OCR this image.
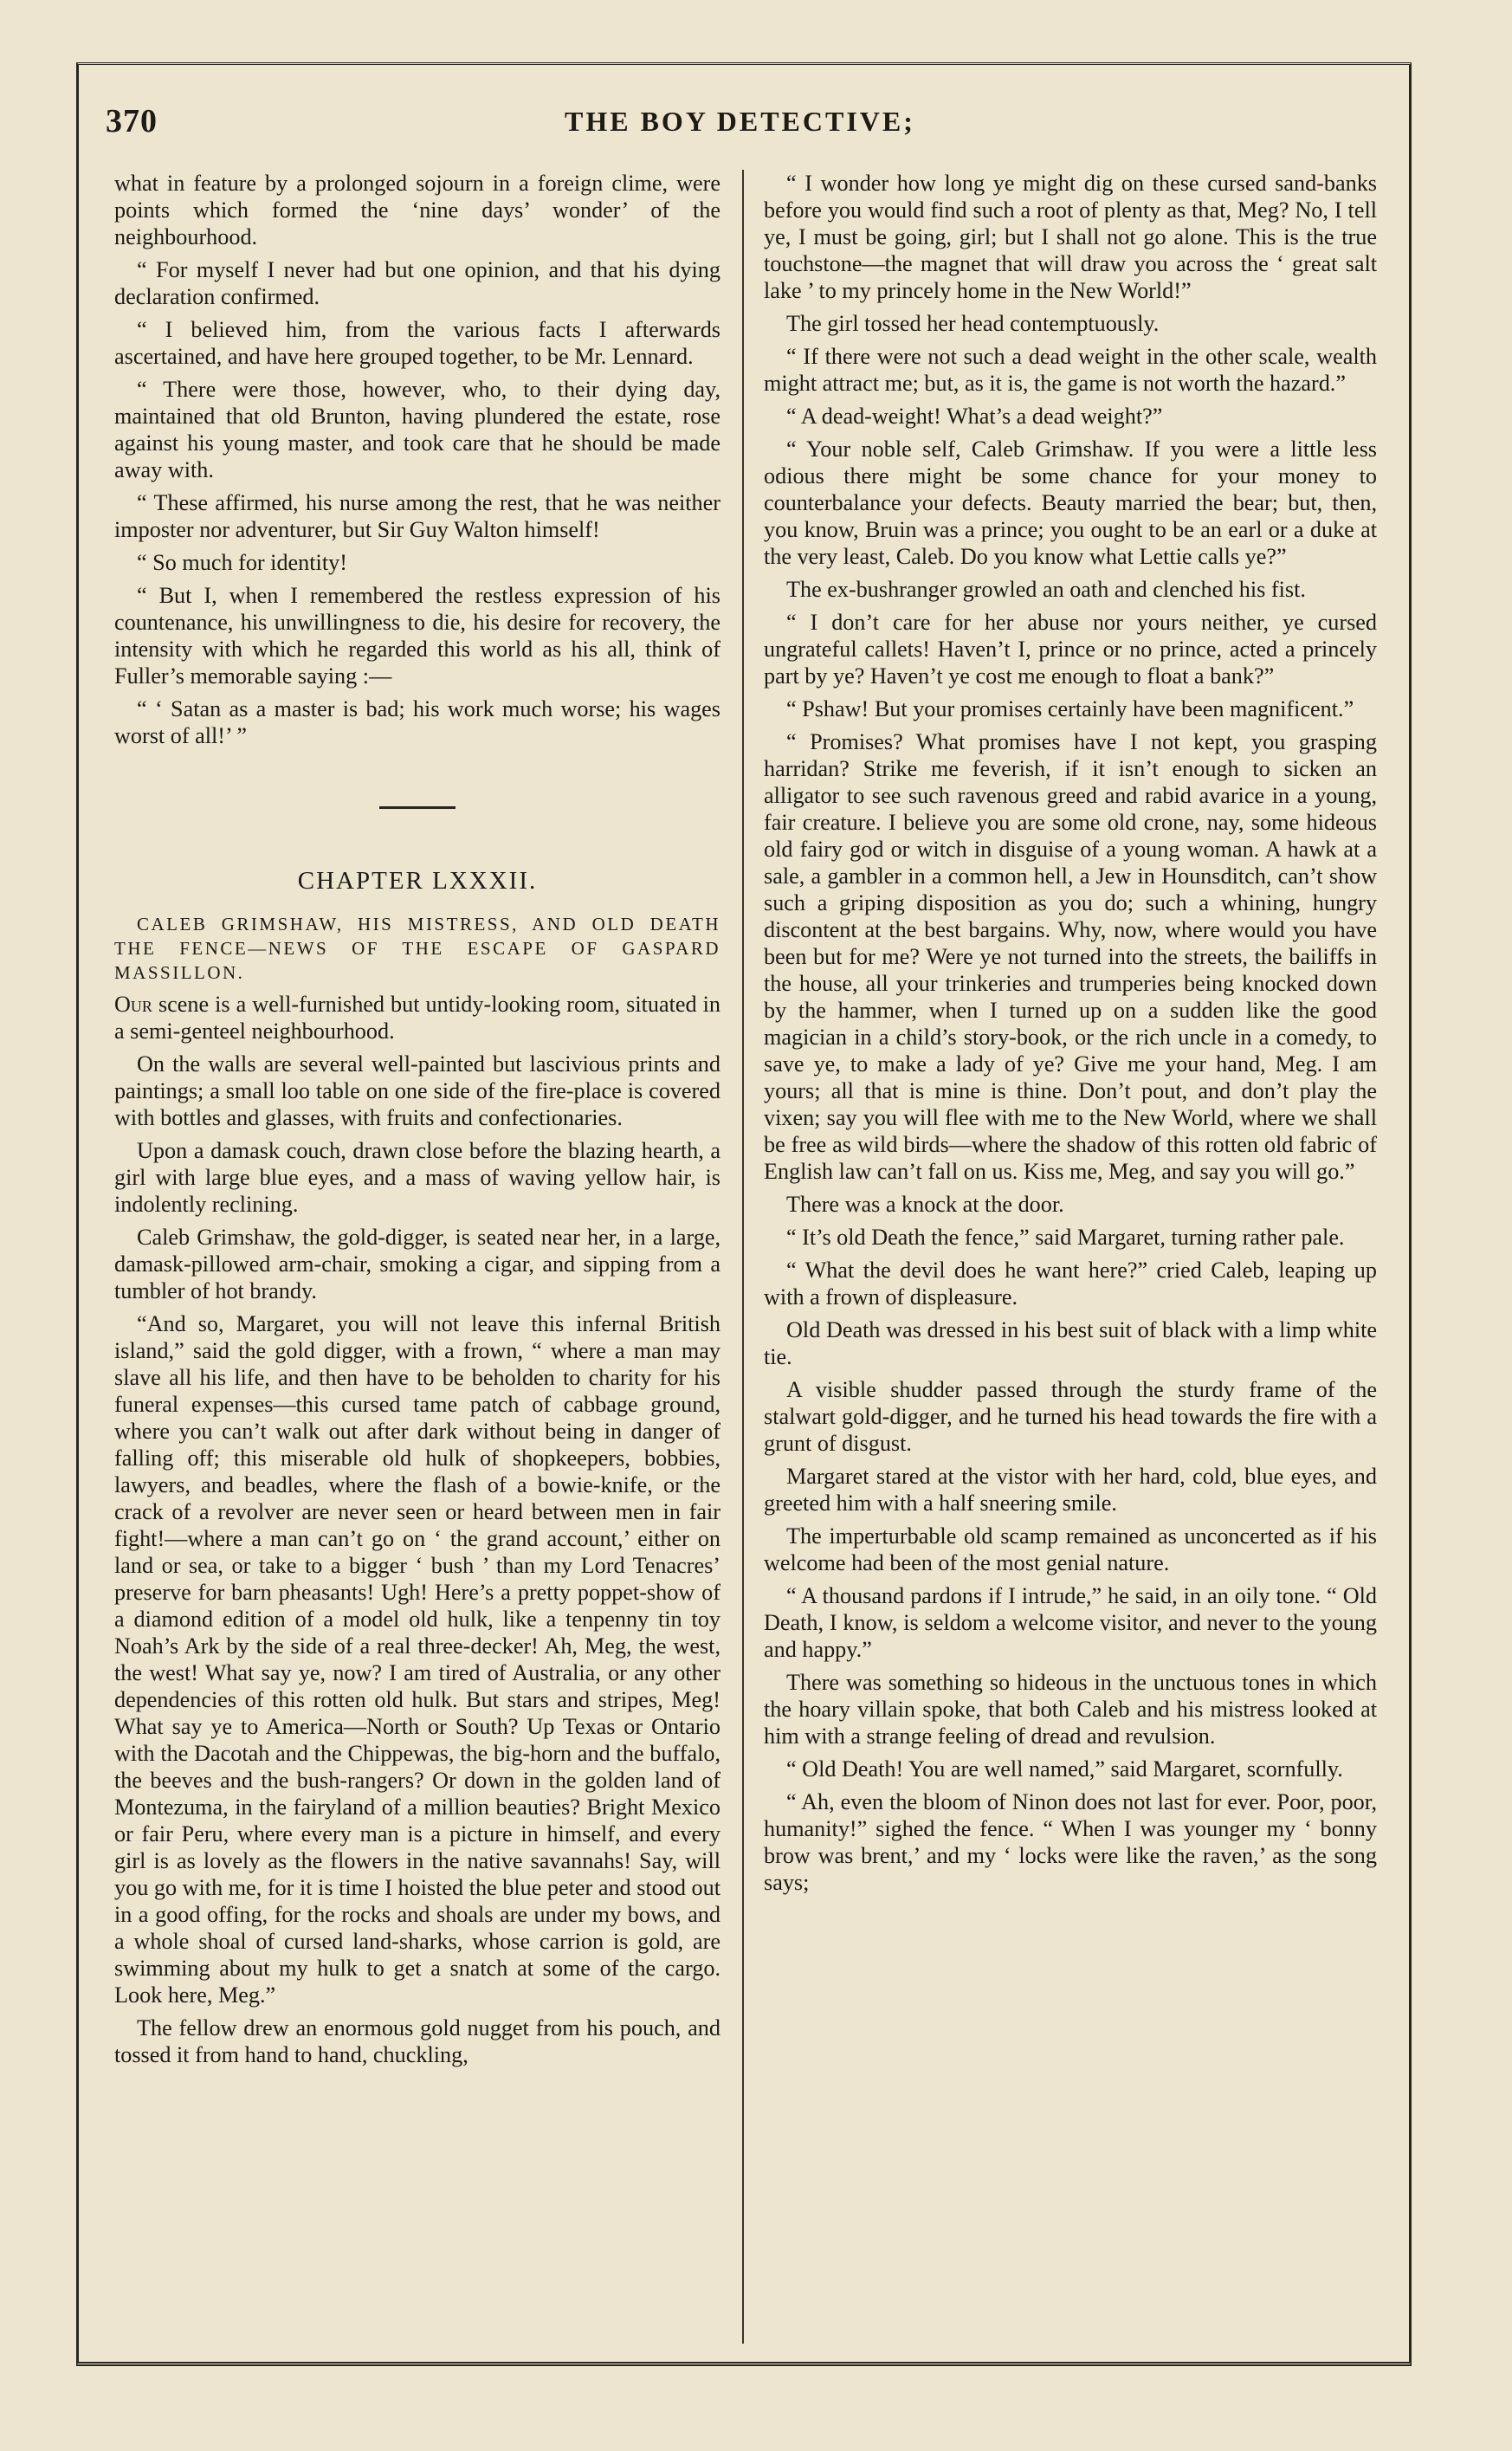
370	THE BOY DETECTIVE;

what in feature by a prolonged sojourn in a foreign clime, were points which formed the ‘nine days’ wonder’ of the neighbourhood.

“ For myself I never had but one opinion, and that his dying declaration confirmed.

“ I believed him, from the various facts I afterwards ascertained, and have here grouped together, to be Mr. Lennard.

“ There were those, however, who, to their dying day, maintained that old Brunton, having plundered the estate, rose against his young master, and took care that he should be made away with.

“ These affirmed, his nurse among the rest, that he was neither imposter nor adventurer, but Sir Guy Walton himself!

“ So much for identity!

“ But I, when I remembered the restless expression of his countenance, his unwillingness to die, his desire for recovery, the intensity with which he regarded this world as his all, think of Fuller’s memorable saying :—

“ ‘ Satan as a master is bad; his work much worse; his wages worst of all!’ ”

CHAPTER LXXXII.

CALEB GRIMSHAW, HIS MISTRESS, AND OLD DEATH THE FENCE—NEWS OF THE ESCAPE OF GASPARD MASSILLON.

Our scene is a well-furnished but untidy-looking room, situated in a semi-genteel neighbourhood.

On the walls are several well-painted but lascivious prints and paintings; a small loo table on one side of the fire-place is covered with bottles and glasses, with fruits and confectionaries.

Upon a damask couch, drawn close before the blazing hearth, a girl with large blue eyes, and a mass of waving yellow hair, is indolently reclining.

Caleb Grimshaw, the gold-digger, is seated near her, in a large, damask-pillowed arm-chair, smoking a cigar, and sipping from a tumbler of hot brandy.

“And so, Margaret, you will not leave this infernal British island,” said the gold digger, with a frown, “ where a man may slave all his life, and then have to be beholden to charity for his funeral expenses—this cursed tame patch of cabbage ground, where you can’t walk out after dark without being in danger of falling off; this miserable old hulk of shopkeepers, bobbies, lawyers, and beadles, where the flash of a bowie-knife, or the crack of a revolver are never seen or heard between men in fair fight!—where a man can’t go on ‘ the grand account,’ either on land or sea, or take to a bigger ‘ bush ’ than my Lord Tenacres’ preserve for barn pheasants! Ugh! Here’s a pretty poppet-show of a diamond edition of a model old hulk, like a tenpenny tin toy Noah’s Ark by the side of a real three-decker! Ah, Meg, the west, the west! What say ye, now? I am tired of Australia, or any other dependencies of this rotten old hulk. But stars and stripes, Meg! What say ye to America—North or South? Up Texas or Ontario with the Dacotah and the Chippewas, the big-horn and the buffalo, the beeves and the bush-rangers? Or down in the golden land of Montezuma, in the fairyland of a million beauties? Bright Mexico or fair Peru, where every man is a picture in himself, and every girl is as lovely as the flowers in the native savannahs! Say, will you go with me, for it is time I hoisted the blue peter and stood out in a good offing, for the rocks and shoals are under my bows, and a whole shoal of cursed land-sharks, whose carrion is gold, are swimming about my hulk to get a snatch at some of the cargo. Look here, Meg.”

The fellow drew an enormous gold nugget from his pouch, and tossed it from hand to hand, chuckling,

“ I wonder how long ye might dig on these cursed sand-banks before you would find such a root of plenty as that, Meg? No, I tell ye, I must be going, girl; but I shall not go alone. This is the true touchstone—the magnet that will draw you across the ‘ great salt lake ’ to my princely home in the New World!”

The girl tossed her head contemptuously.

“ If there were not such a dead weight in the other scale, wealth might attract me; but, as it is, the game is not worth the hazard.”

“ A dead-weight! What’s a dead weight?”

“ Your noble self, Caleb Grimshaw. If you were a little less odious there might be some chance for your money to counterbalance your defects. Beauty married the bear; but, then, you know, Bruin was a prince; you ought to be an earl or a duke at the very least, Caleb. Do you know what Lettie calls ye?”

The ex-bushranger growled an oath and clenched his fist.

“ I don’t care for her abuse nor yours neither, ye cursed ungrateful callets! Haven’t I, prince or no prince, acted a princely part by ye? Haven’t ye cost me enough to float a bank?”

“ Pshaw! But your promises certainly have been magnificent.”

“ Promises? What promises have I not kept, you grasping harridan? Strike me feverish, if it isn’t enough to sicken an alligator to see such ravenous greed and rabid avarice in a young, fair creature. I believe you are some old crone, nay, some hideous old fairy god or witch in disguise of a young woman. A hawk at a sale, a gambler in a common hell, a Jew in Hounsditch, can’t show such a griping disposition as you do; such a whining, hungry discontent at the best bargains. Why, now, where would you have been but for me? Were ye not turned into the streets, the bailiffs in the house, all your trinkeries and trumperies being knocked down by the hammer, when I turned up on a sudden like the good magician in a child’s story-book, or the rich uncle in a comedy, to save ye, to make a lady of ye? Give me your hand, Meg. I am yours; all that is mine is thine. Don’t pout, and don’t play the vixen; say you will flee with me to the New World, where we shall be free as wild birds—where the shadow of this rotten old fabric of English law can’t fall on us. Kiss me, Meg, and say you will go.”

There was a knock at the door.

“ It’s old Death the fence,” said Margaret, turning rather pale.

“ What the devil does he want here?” cried Caleb, leaping up with a frown of displeasure.

Old Death was dressed in his best suit of black with a limp white tie.

A visible shudder passed through the sturdy frame of the stalwart gold-digger, and he turned his head towards the fire with a grunt of disgust.

Margaret stared at the vistor with her hard, cold, blue eyes, and greeted him with a half sneering smile.

The imperturbable old scamp remained as unconcerted as if his welcome had been of the most genial nature.

“ A thousand pardons if I intrude,” he said, in an oily tone. “ Old Death, I know, is seldom a welcome visitor, and never to the young and happy.”

There was something so hideous in the unctuous tones in which the hoary villain spoke, that both Caleb and his mistress looked at him with a strange feeling of dread and revulsion.

“ Old Death! You are well named,” said Margaret, scornfully.

“ Ah, even the bloom of Ninon does not last for ever. Poor, poor, humanity!” sighed the fence. “ When I was younger my ‘ bonny brow was brent,’ and my ‘ locks were like the raven,’ as the song says;
